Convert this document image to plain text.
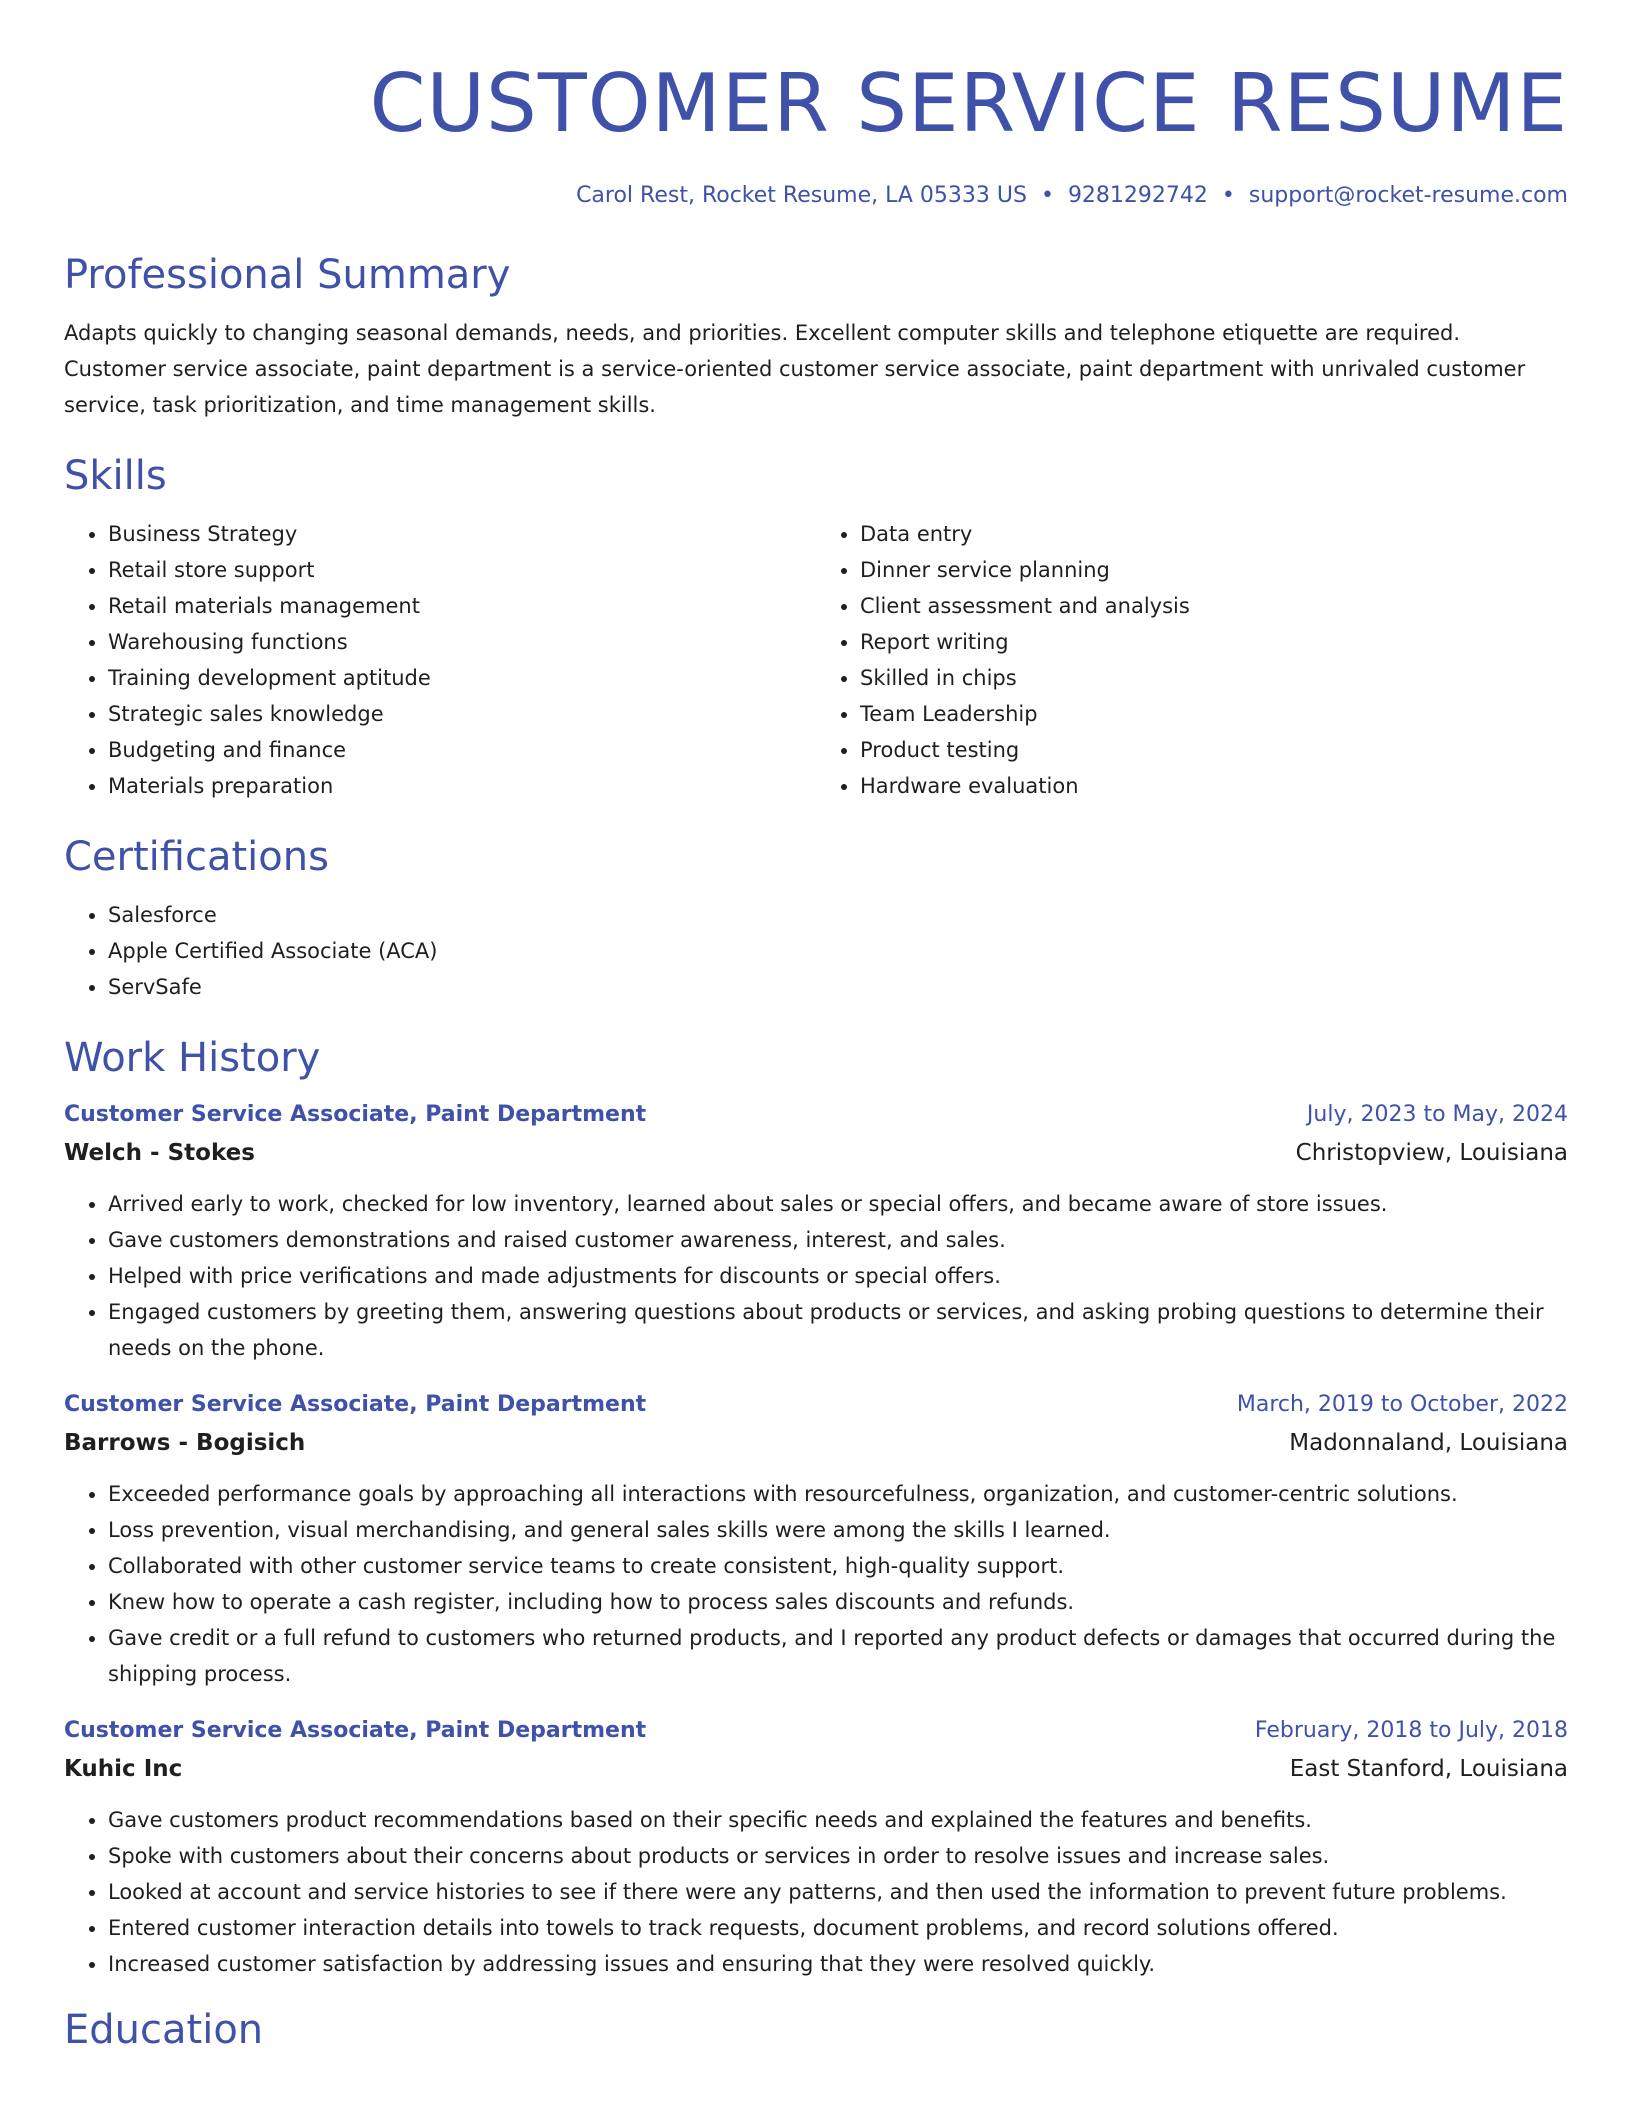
CUSTOMER SERVICE RESUME
Carol Rest, Rocket Resume, LA 05333 US • 9281292742 • support@rocket-resume.com
Professional Summary

Adapts quickly to changing seasonal demands, needs, and priorities. Excellent computer skills and telephone etiquette are required. Customer service associate, paint department is a service-oriented customer service associate, paint department with unrivaled customer service, task prioritization, and time management skills.

Skills
• Business Strategy
• Retail store support
• Retail materials management
• Warehousing functions
• Training development aptitude
• Strategic sales knowledge
• Budgeting and finance
• Materials preparation
• Data entry
• Dinner service planning
• Client assessment and analysis
• Report writing
• Skilled in chips
• Team Leadership
• Product testing
• Hardware evaluation
Certifications
• Salesforce
• Apple Certified Associate (ACA)
• ServSafe
Work History
Customer Service Associate, Paint Department	July, 2023 to May, 2024
Welch - Stokes	Christopview, Louisiana
• Arrived early to work, checked for low inventory, learned about sales or special offers, and became aware of store issues.
• Gave customers demonstrations and raised customer awareness, interest, and sales.
• Helped with price verifications and made adjustments for discounts or special offers.
• Engaged customers by greeting them, answering questions about products or services, and asking probing questions to determine their needs on the phone.
Customer Service Associate, Paint Department	March, 2019 to October, 2022
Barrows - Bogisich	Madonnaland, Louisiana
• Exceeded performance goals by approaching all interactions with resourcefulness, organization, and customer-centric solutions.
• Loss prevention, visual merchandising, and general sales skills were among the skills I learned.
• Collaborated with other customer service teams to create consistent, high-quality support.
• Knew how to operate a cash register, including how to process sales discounts and refunds.
• Gave credit or a full refund to customers who returned products, and I reported any product defects or damages that occurred during the shipping process.
Customer Service Associate, Paint Department	February, 2018 to July, 2018
Kuhic Inc	East Stanford, Louisiana
• Gave customers product recommendations based on their specific needs and explained the features and benefits.
• Spoke with customers about their concerns about products or services in order to resolve issues and increase sales.
• Looked at account and service histories to see if there were any patterns, and then used the information to prevent future problems.
• Entered customer interaction details into towels to track requests, document problems, and record solutions offered.
• Increased customer satisfaction by addressing issues and ensuring that they were resolved quickly.
Education
